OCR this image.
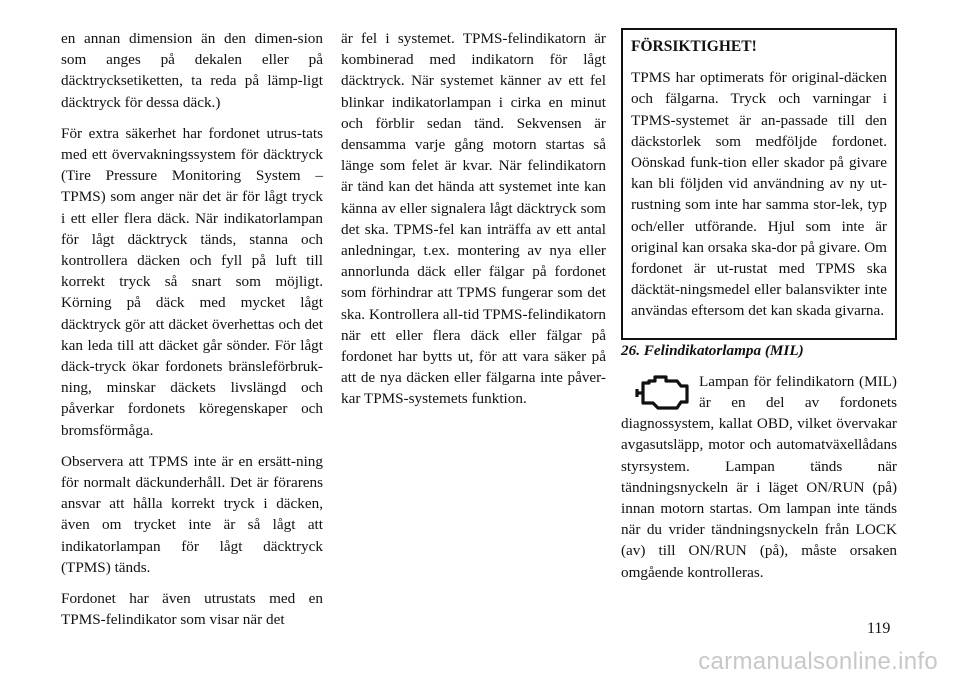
en annan dimension än den dimen-sion som anges på dekalen eller på däcktrycksetiketten, ta reda på lämp-ligt däcktryck för dessa däck.)

För extra säkerhet har fordonet utrus-tats med ett övervakningssystem för däcktryck (Tire Pressure Monitoring System – TPMS) som anger när det är för lågt tryck i ett eller flera däck. När indikatorlampan för lågt däcktryck tänds, stanna och kontrollera däcken och fyll på luft till korrekt tryck så snart som möjligt. Körning på däck med mycket lågt däcktryck gör att däcket överhettas och det kan leda till att däcket går sönder. För lågt däck-tryck ökar fordonets bränsleförbruk-ning, minskar däckets livslängd och påverkar fordonets köregenskaper och bromsförmåga.

Observera att TPMS inte är en ersätt-ning för normalt däckunderhåll. Det är förarens ansvar att hålla korrekt tryck i däcken, även om trycket inte är så lågt att indikatorlampan för lågt däcktryck (TPMS) tänds.

Fordonet har även utrustats med en TPMS-felindikator som visar när det

är fel i systemet. TPMS-felindikatorn är kombinerad med indikatorn för lågt däcktryck. När systemet känner av ett fel blinkar indikatorlampan i cirka en minut och förblir sedan tänd. Sekvensen är densamma varje gång motorn startas så länge som felet är kvar. När felindikatorn är tänd kan det hända att systemet inte kan känna av eller signalera lågt däcktryck som det ska. TPMS-fel kan inträffa av ett antal anledningar, t.ex. montering av nya eller annorlunda däck eller fälgar på fordonet som förhindrar att TPMS fungerar som det ska. Kontrollera all-tid TPMS-felindikatorn när ett eller flera däck eller fälgar på fordonet har bytts ut, för att vara säker på att de nya däcken eller fälgarna inte påver-kar TPMS-systemets funktion.

FÖRSIKTIGHET!

TPMS har optimerats för original-däcken och fälgarna. Tryck och varningar i TPMS-systemet är an-passade till den däckstorlek som medföljde fordonet. Oönskad funk-tion eller skador på givare kan bli följden vid användning av ny ut-rustning som inte har samma stor-lek, typ och/eller utförande. Hjul som inte är original kan orsaka ska-dor på givare. Om fordonet är ut-rustat med TPMS ska däcktät-ningsmedel eller balansvikter inte användas eftersom det kan skada givarna.

26. Felindikatorlampa (MIL)

Lampan för felindikatorn (MIL) är en del av fordonets diagnossystem, kallat OBD, vilket övervakar avgasutsläpp, motor och automatväxellådans styrsystem. Lampan tänds när tändningsnyckeln är i läget ON/RUN (på) innan motorn startas. Om lampan inte tänds när du vrider tändningsnyckeln från LOCK (av) till ON/RUN (på), måste orsaken omgående kontrolleras.

119
carmanualsonline.info
